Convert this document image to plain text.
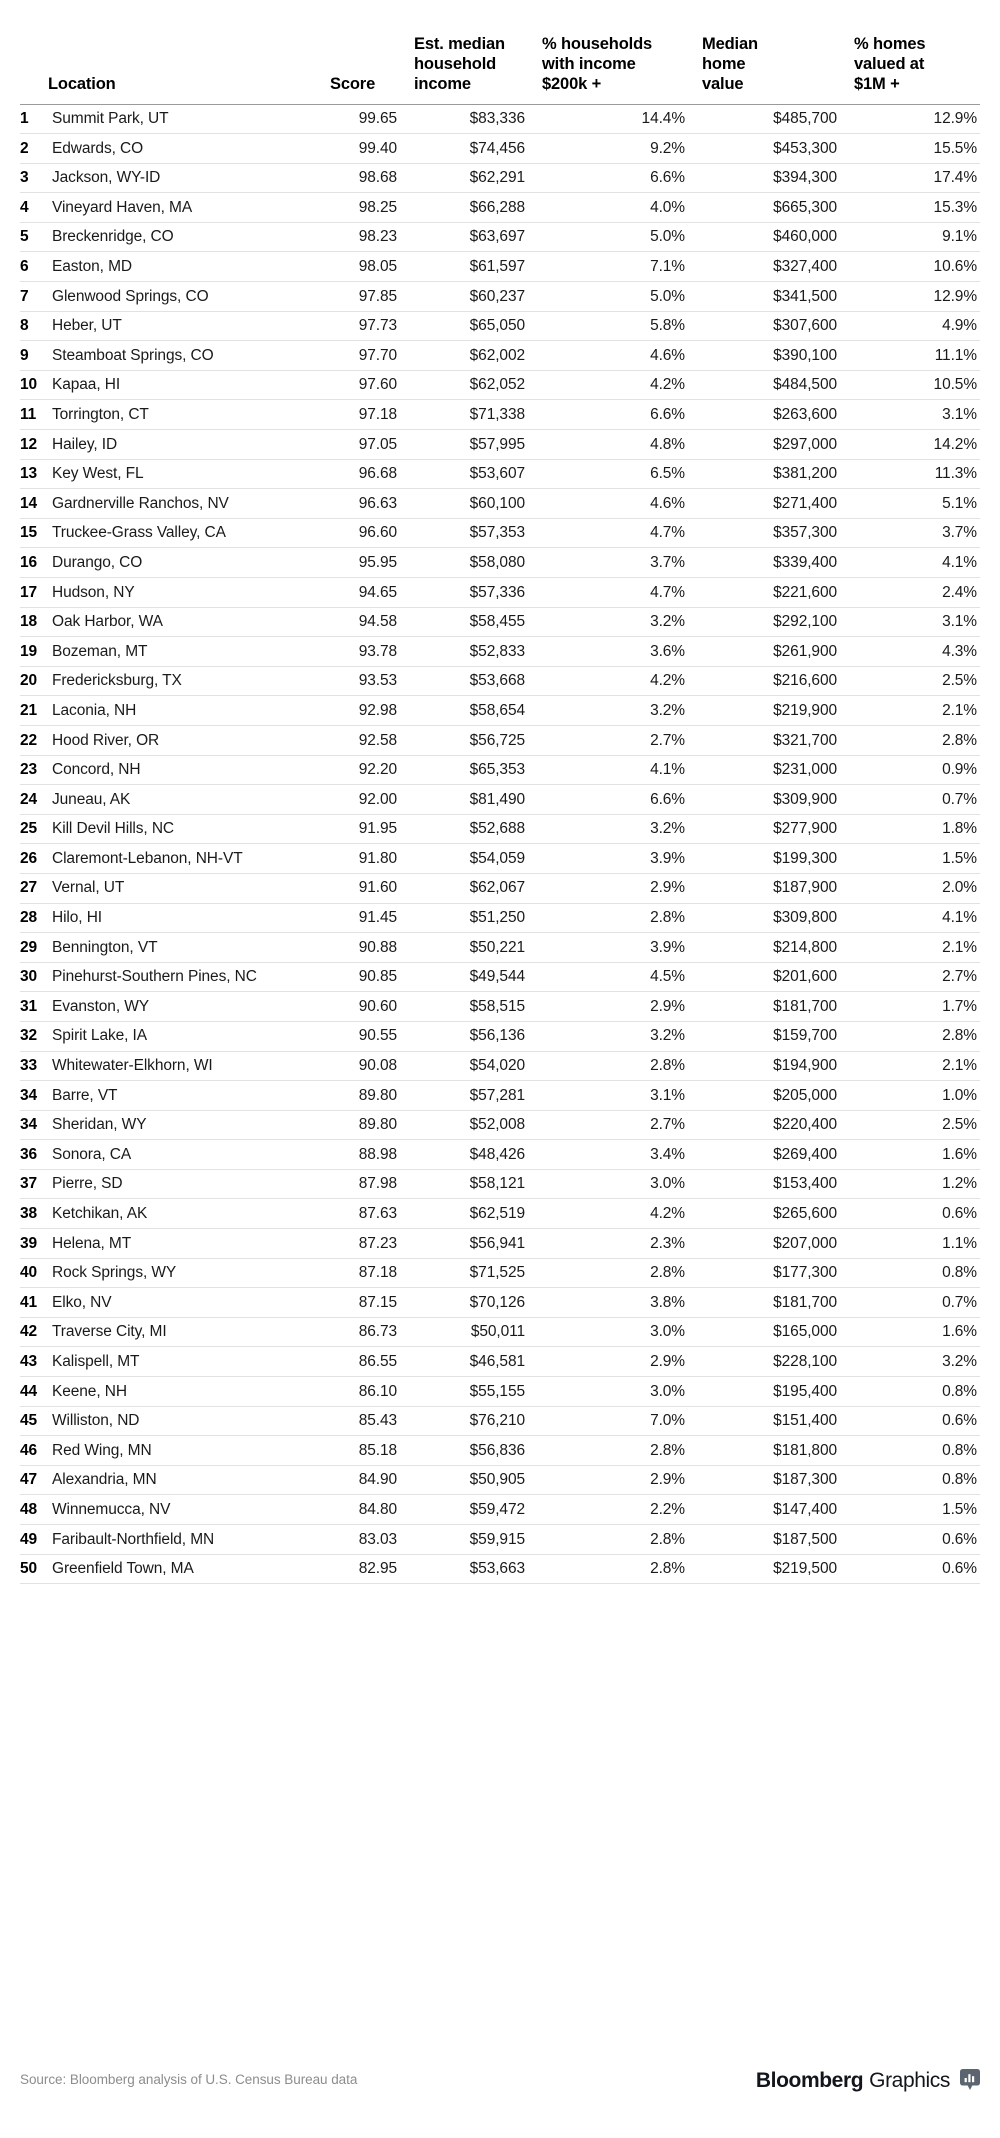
	Location	Score	Est. median
household
income	% households
with income
$200k +	Median
home
value	% homes
valued at
$1M +
1	Summit Park, UT	99.65	$83,336	14.4%	$485,700	12.9%
2	Edwards, CO	99.40	$74,456	9.2%	$453,300	15.5%
3	Jackson, WY-ID	98.68	$62,291	6.6%	$394,300	17.4%
4	Vineyard Haven, MA	98.25	$66,288	4.0%	$665,300	15.3%
5	Breckenridge, CO	98.23	$63,697	5.0%	$460,000	9.1%
6	Easton, MD	98.05	$61,597	7.1%	$327,400	10.6%
7	Glenwood Springs, CO	97.85	$60,237	5.0%	$341,500	12.9%
8	Heber, UT	97.73	$65,050	5.8%	$307,600	4.9%
9	Steamboat Springs, CO	97.70	$62,002	4.6%	$390,100	11.1%
10	Kapaa, HI	97.60	$62,052	4.2%	$484,500	10.5%
11	Torrington, CT	97.18	$71,338	6.6%	$263,600	3.1%
12	Hailey, ID	97.05	$57,995	4.8%	$297,000	14.2%
13	Key West, FL	96.68	$53,607	6.5%	$381,200	11.3%
14	Gardnerville Ranchos, NV	96.63	$60,100	4.6%	$271,400	5.1%
15	Truckee-Grass Valley, CA	96.60	$57,353	4.7%	$357,300	3.7%
16	Durango, CO	95.95	$58,080	3.7%	$339,400	4.1%
17	Hudson, NY	94.65	$57,336	4.7%	$221,600	2.4%
18	Oak Harbor, WA	94.58	$58,455	3.2%	$292,100	3.1%
19	Bozeman, MT	93.78	$52,833	3.6%	$261,900	4.3%
20	Fredericksburg, TX	93.53	$53,668	4.2%	$216,600	2.5%
21	Laconia, NH	92.98	$58,654	3.2%	$219,900	2.1%
22	Hood River, OR	92.58	$56,725	2.7%	$321,700	2.8%
23	Concord, NH	92.20	$65,353	4.1%	$231,000	0.9%
24	Juneau, AK	92.00	$81,490	6.6%	$309,900	0.7%
25	Kill Devil Hills, NC	91.95	$52,688	3.2%	$277,900	1.8%
26	Claremont-Lebanon, NH-VT	91.80	$54,059	3.9%	$199,300	1.5%
27	Vernal, UT	91.60	$62,067	2.9%	$187,900	2.0%
28	Hilo, HI	91.45	$51,250	2.8%	$309,800	4.1%
29	Bennington, VT	90.88	$50,221	3.9%	$214,800	2.1%
30	Pinehurst-Southern Pines, NC	90.85	$49,544	4.5%	$201,600	2.7%
31	Evanston, WY	90.60	$58,515	2.9%	$181,700	1.7%
32	Spirit Lake, IA	90.55	$56,136	3.2%	$159,700	2.8%
33	Whitewater-Elkhorn, WI	90.08	$54,020	2.8%	$194,900	2.1%
34	Barre, VT	89.80	$57,281	3.1%	$205,000	1.0%
34	Sheridan, WY	89.80	$52,008	2.7%	$220,400	2.5%
36	Sonora, CA	88.98	$48,426	3.4%	$269,400	1.6%
37	Pierre, SD	87.98	$58,121	3.0%	$153,400	1.2%
38	Ketchikan, AK	87.63	$62,519	4.2%	$265,600	0.6%
39	Helena, MT	87.23	$56,941	2.3%	$207,000	1.1%
40	Rock Springs, WY	87.18	$71,525	2.8%	$177,300	0.8%
41	Elko, NV	87.15	$70,126	3.8%	$181,700	0.7%
42	Traverse City, MI	86.73	$50,011	3.0%	$165,000	1.6%
43	Kalispell, MT	86.55	$46,581	2.9%	$228,100	3.2%
44	Keene, NH	86.10	$55,155	3.0%	$195,400	0.8%
45	Williston, ND	85.43	$76,210	7.0%	$151,400	0.6%
46	Red Wing, MN	85.18	$56,836	2.8%	$181,800	0.8%
47	Alexandria, MN	84.90	$50,905	2.9%	$187,300	0.8%
48	Winnemucca, NV	84.80	$59,472	2.2%	$147,400	1.5%
49	Faribault-Northfield, MN	83.03	$59,915	2.8%	$187,500	0.6%
50	Greenfield Town, MA	82.95	$53,663	2.8%	$219,500	0.6%
Source: Bloomberg analysis of U.S. Census Bureau data	Bloomberg Graphics
